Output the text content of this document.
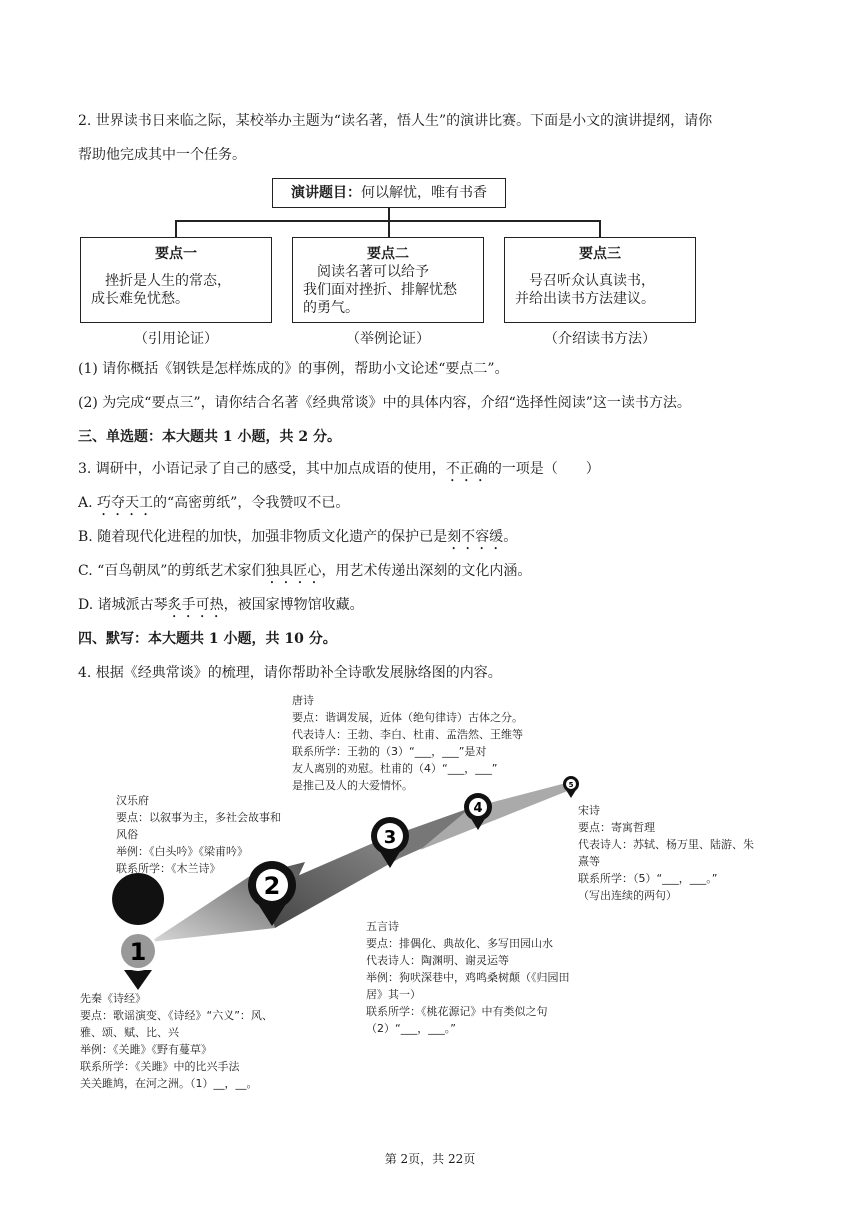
2. 世界读书日来临之际，某校举办主题为“读名著，悟人生”的演讲比赛。下面是小文的演讲提纲，请你
帮助他完成其中一个任务。
演讲题目：何以解忧，唯有书香
要点一
　挫折是人生的常态，
成长难免忧愁。
要点二
　阅读名著可以给予
我们面对挫折、排解忧愁
的勇气。
要点三
　号召听众认真读书，
并给出读书方法建议。
（引用论证）	（举例论证）	（介绍读书方法）
(1) 请你概括《钢铁是怎样炼成的》的事例，帮助小文论述“要点二”。
(2) 为完成“要点三”，请你结合名著《经典常谈》中的具体内容，介绍“选择性阅读”这一读书方法。
三、单选题：本大题共 1 小题，共 2 分。
3. 调研中，小语记录了自己的感受，其中加点成语的使用，不正确的一项是（　　）
A. 巧夺天工的“高密剪纸”，令我赞叹不已。
B. 随着现代化进程的加快，加强非物质文化遗产的保护已是刻不容缓。
C. “百鸟朝凤”的剪纸艺术家们独具匠心，用艺术传递出深刻的文化内涵。
D. 诸城派古琴炙手可热，被国家博物馆收藏。
四、默写：本大题共 1 小题，共 10 分。
4. 根据《经典常谈》的梳理，请你帮助补全诗歌发展脉络图的内容。
1
2
3
4
5
唐诗
要点：谐调发展，近体（绝句律诗）古体之分。
代表诗人：王勃、李白、杜甫、孟浩然、王维等
联系所学：王勃的（3）“___，___”是对
友人离别的劝慰。杜甫的（4）“___，___”
是推己及人的大爱情怀。
汉乐府
要点：以叙事为主，多社会故事和
风俗
举例：《白头吟》《梁甫吟》
联系所学：《木兰诗》
宋诗
要点：寄寓哲理
代表诗人：苏轼、杨万里、陆游、朱
熹等
联系所学：（5）“___，___。”
（写出连续的两句）
五言诗
要点：排偶化、典故化、多写田园山水
代表诗人：陶渊明、谢灵运等
举例：狗吠深巷中，鸡鸣桑树颠（《归园田
居》其一）
联系所学：《桃花源记》中有类似之句
（2）“___，___。”
先秦《诗经》
要点：歌谣演变、《诗经》“六义”：风、
雅、颂、赋、比、兴
举例：《关雎》《野有蔓草》
联系所学：《关雎》中的比兴手法
关关雎鸠，在河之洲。（1）__，__。
第 2页，共 22页
